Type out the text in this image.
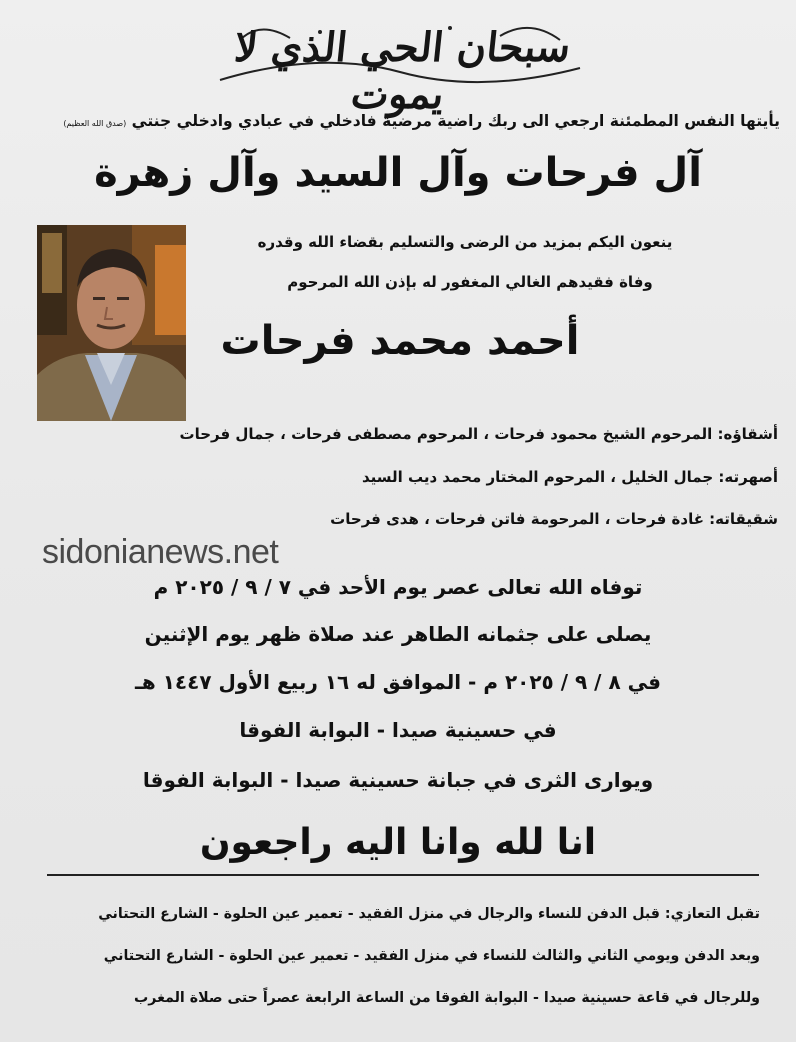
سبحان الحي الذي لا يموت
يأيتها النفس المطمئنة ارجعي الى ربك راضية مرضية فادخلي في عبادي وادخلي جنتي (صدق الله العظيم)
آل فرحات وآل السيد وآل زهرة
ينعون اليكم بمزيد من الرضى والتسليم بقضاء الله وقدره
وفاة فقيدهم الغالي المغفور له بإذن الله المرحوم
أحمد محمد فرحات
أشقاؤه: المرحوم الشيخ محمود فرحات ، المرحوم مصطفى فرحات ، جمال فرحات
أصهرته: جمال الخليل ، المرحوم المختار محمد ديب السيد
شقيقاته: غادة فرحات ، المرحومة فاتن فرحات ، هدى فرحات
sidonianews.net
توفاه الله تعالى عصر يوم الأحد في ٧ / ٩ / ٢٠٢٥ م
يصلى على جثمانه الطاهر عند صلاة ظهر يوم الإثنين
في ٨ / ٩ / ٢٠٢٥ م - الموافق له ١٦ ربيع الأول ١٤٤٧ هـ
في حسينية صيدا - البوابة الفوقا
ويوارى الثرى في جبانة حسينية صيدا - البوابة الفوقا
انا لله وانا اليه راجعون
تقبل التعازي: قبل الدفن للنساء والرجال في منزل الفقيد - تعمير عين الحلوة - الشارع التحتاني
وبعد الدفن ويومي الثاني والثالث للنساء في منزل الفقيد - تعمير عين الحلوة - الشارع التحتاني
وللرجال في قاعة حسينية صيدا - البوابة الفوقا من الساعة الرابعة عصراً حتى صلاة المغرب
